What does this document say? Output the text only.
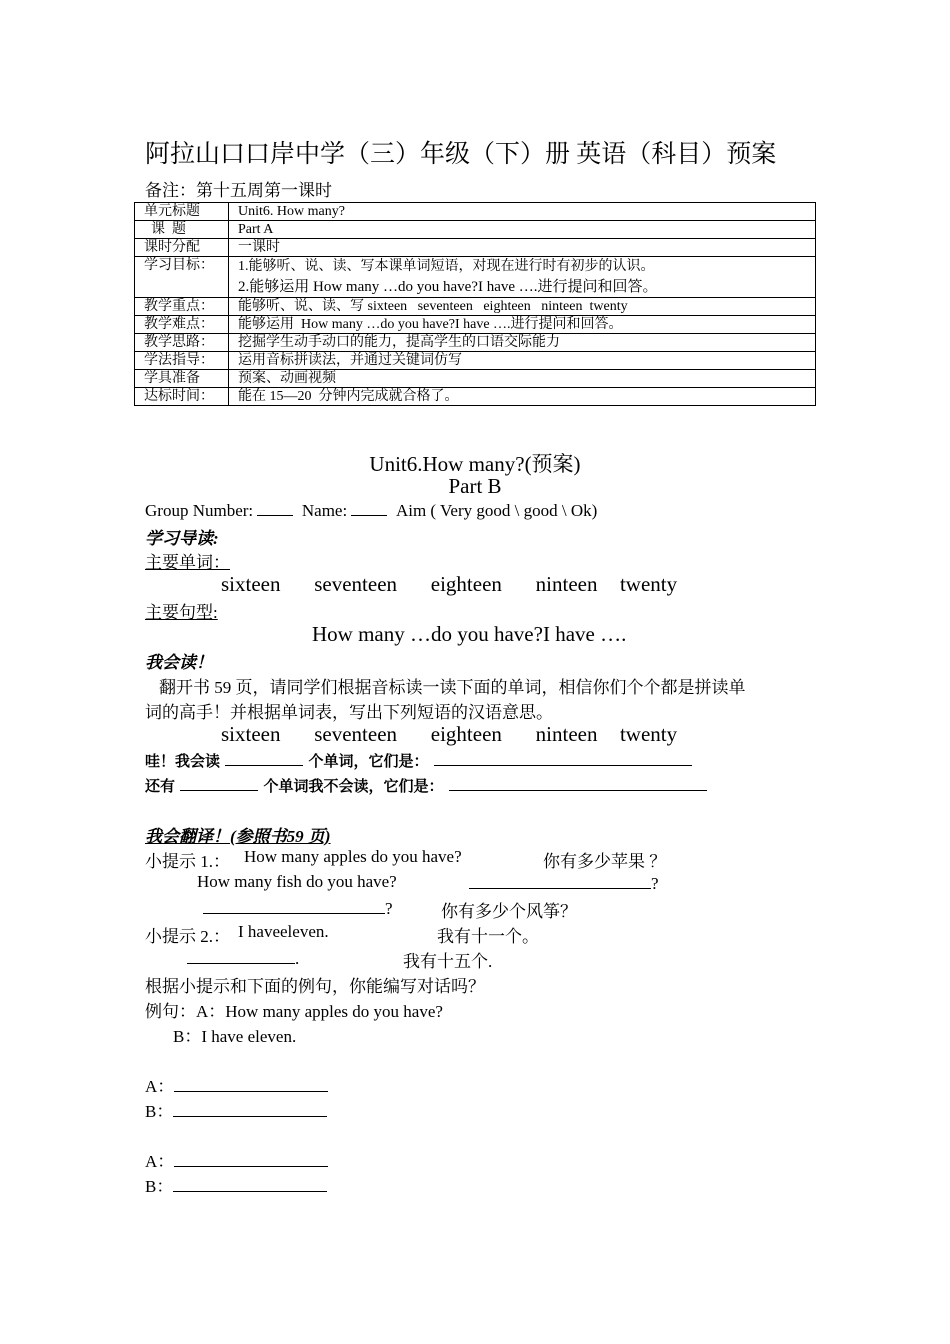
阿拉山口口岸中学（三）年级（下）册 英语（科目）预案
备注：第十五周第一课时
单元标题	Unit6. How many?
课  题	Part A
课时分配	一课时
学习目标：	1.能够听、说、读、写本课单词短语，对现在进行时有初步的认识。
2.能够运用 How many …do you have?I have ….进行提问和回答。

教学重点：	能够听、说、读、写 sixteen   seventeen   eighteen   ninteen  twenty
教学难点：	能够运用  How many …do you have?I have ….进行提问和回答。
教学思路：	挖掘学生动手动口的能力，提高学生的口语交际能力
学法指导：	运用音标拼读法，并通过关键词仿写
学具准备	预案、动画视频
达标时间：	能在 15—20  分钟内完成就合格了。
Unit6.How many?(预案)
Part B
Group Number:	Name:	Aim ( Very good \ good \ Ok)
学习导读:
主要单词：
sixteen   seventeen   eighteen   ninteen  twenty
主要句型:
How many …do you have?I have ….
我会读！
翻开书 59 页，请同学们根据音标读一读下面的单词，相信你们个个都是拼读单
词的高手！并根据单词表，写出下列短语的汉语意思。
sixteen   seventeen   eighteen   ninteen  twenty
哇！我会读	个单词，它们是：
还有	个单词我不会读，它们是：
我会翻译！(参照书59 页)
小提示 1.： How many apples do you have?	你有多少苹果 ？
How many fish do you have?	?
?	你有多少个风筝？
小提示 2.： I haveeleven.	我有十一个。
.	我有十五个.
根据小提示和下面的例句，你能编写对话吗？
例句：A：How many apples do you have?
B：I have eleven.
A：
B：
A：
B：
